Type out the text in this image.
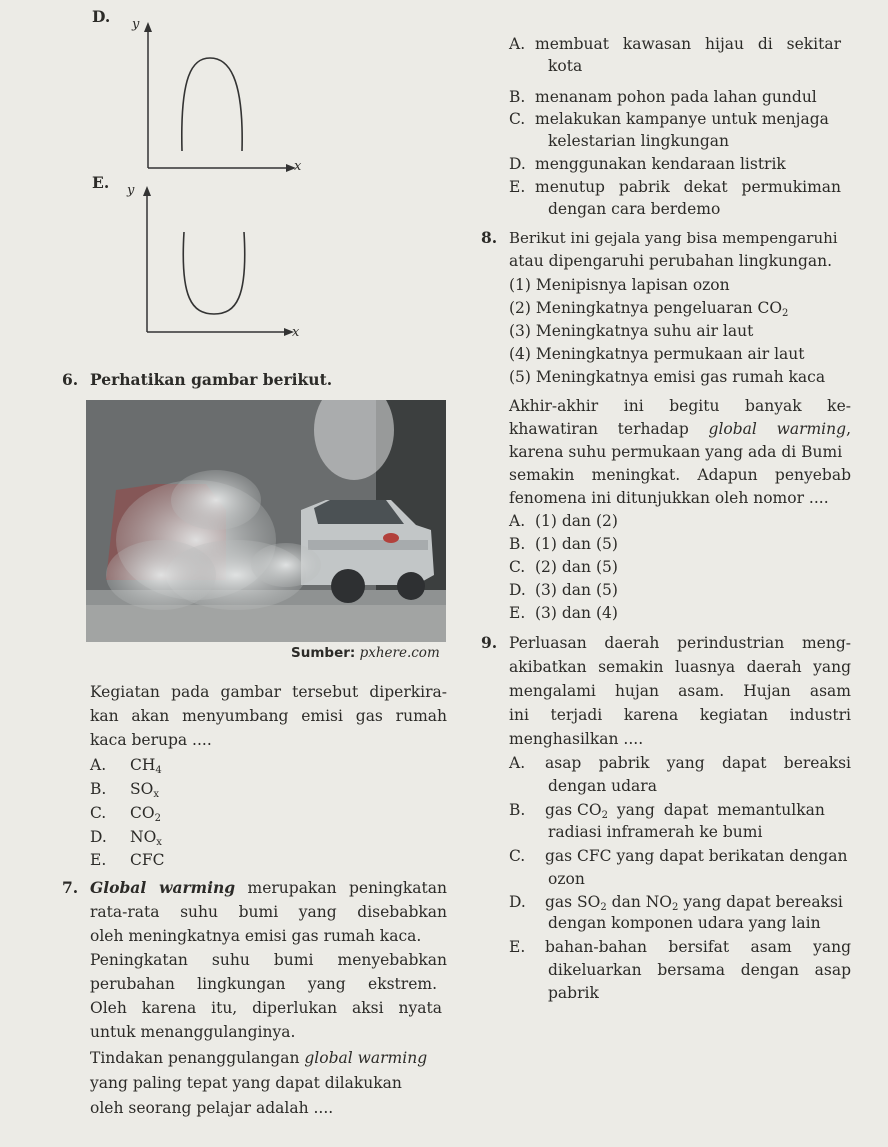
D. y
x
E. y
x
A. membuat kawasan hijau di sekitar
kota
B. menanam pohon pada lahan gundul
C. melakukan kampanye untuk menjaga
kelestarian lingkungan
D. menggunakan kendaraan listrik
E. menutup pabrik dekat permukiman
dengan cara berdemo
8. Berikut ini gejala yang bisa mempengaruhi
atau dipengaruhi perubahan lingkungan.
(1) Menipisnya lapisan ozon
(2) Meningkatnya pengeluaran $CO_2$
(3) Meningkatnya suhu air laut
(4) Meningkatnya permukaan air laut
(5) Meningkatnya emisi gas rumah kaca
Akhir-akhir ini begitu banyak ke-
khawatiran terhadap global warming,
karena suhu permukaan yang ada di Bumi
semakin meningkat. Adapun penyebab
fenomena ini ditunjukkan oleh nomor ....
A. (1) dan (2)
B. (1) dan (5)
C. (2) dan (5)
D. (3) dan (5)
E. (3) dan (4)
6. Perhatikan gambar berikut.
Sumber: pxhere.com
Kegiatan pada gambar tersebut diperkira-
kan akan menyumbang emisi gas rumah
kaca berupa ....
A. $CH_4$
B. $SO_x$
C. $CO_2$
D. $NO_x$
E. CFC
7. Global warming merupakan peningkatan
rata-rata suhu bumi yang disebabkan
oleh meningkatnya emisi gas rumah kaca.
Peningkatan suhu bumi menyebabkan
perubahan lingkungan yang ekstrem.
Oleh karena itu, diperlukan aksi nyata
untuk menanggulanginya.
Tindakan penanggulangan global warming
yang paling tepat yang dapat dilakukan
oleh seorang pelajar adalah ....
9. Perluasan daerah perindustrian meng-
akibatkan semakin luasnya daerah yang
mengalami hujan asam. Hujan asam
ini terjadi karena kegiatan industri
menghasilkan ....
A. asap pabrik yang dapat bereaksi
dengan udara
B. gas $CO_2$ yang dapat memantulkan
radiasi inframerah ke bumi
C. gas CFC yang dapat berikatan dengan
ozon
D. gas $SO_2$ dan $NO_2$ yang dapat bereaksi
dengan komponen udara yang lain
E. bahan-bahan bersifat asam yang
dikeluarkan bersama dengan asap
pabrik
